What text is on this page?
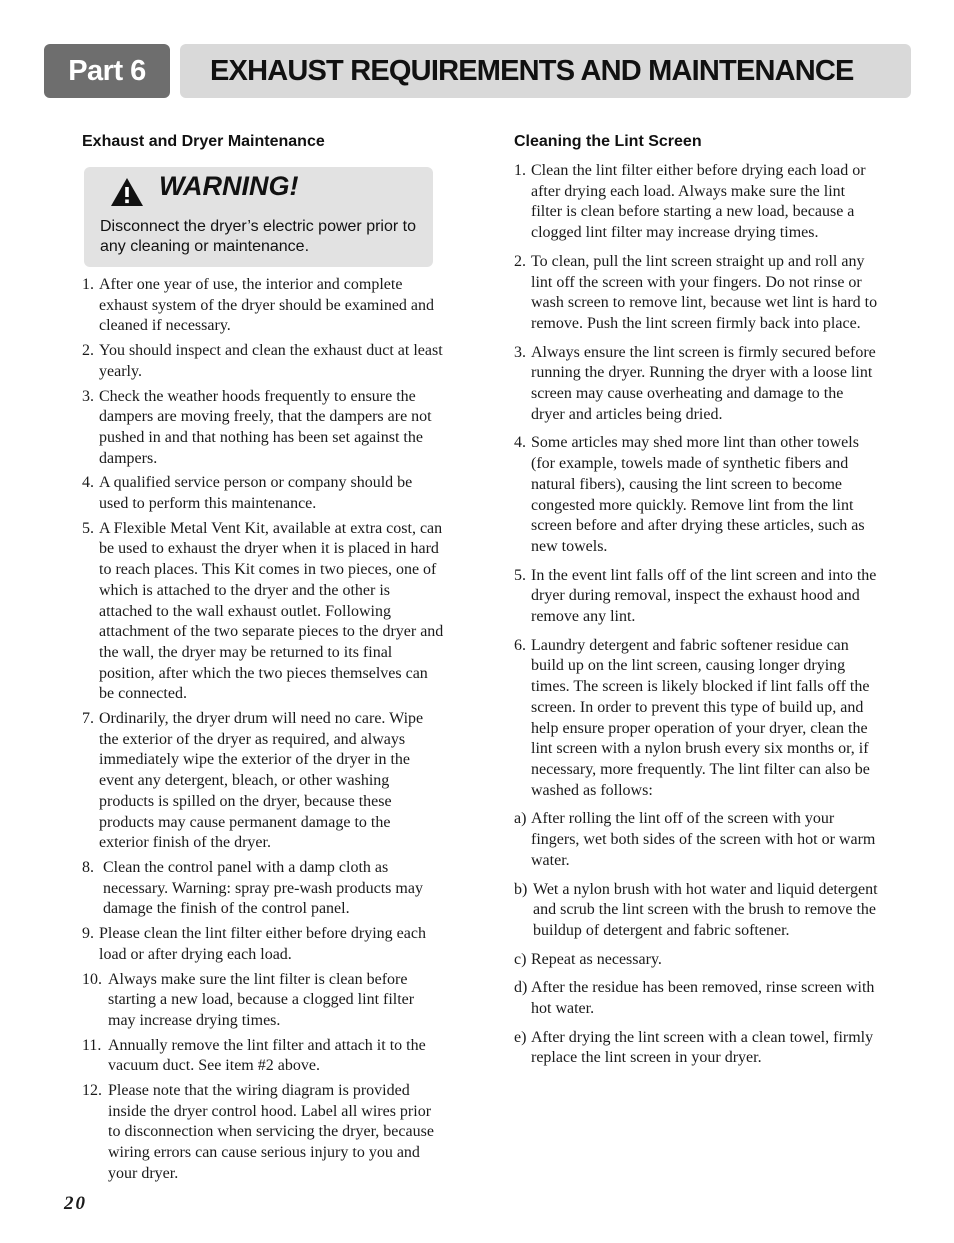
Part 6	EXHAUST REQUIREMENTS AND MAINTENANCE
Exhaust and Dryer Maintenance
WARNING!
Disconnect the dryer’s electric power prior to any cleaning or maintenance.
1. After one year of use, the interior and complete exhaust system of the dryer should be examined and cleaned if necessary.
2. You should inspect and clean the exhaust duct at least yearly.
3. Check the weather hoods frequently to ensure the dampers are moving freely, that the dampers are not pushed in and that nothing has been set against the dampers.
4. A qualified service person or company should be used to perform this maintenance.
5. A Flexible Metal Vent Kit, available at extra cost, can be used to exhaust the dryer when it is placed in hard to reach places. This Kit comes in two pieces, one of which is attached to the dryer and the other is attached to the wall exhaust outlet. Following attachment of the two separate pieces to the dryer and the wall, the dryer may be returned to its final position, after which the two pieces themselves can be connected.
7. Ordinarily, the dryer drum will need no care. Wipe the exterior of the dryer as required, and always immediately wipe the exterior of the dryer in the event any detergent, bleach, or other washing products is spilled on the dryer, because these products may cause permanent damage to the exterior finish of the dryer.
8. Clean the control panel with a damp cloth as necessary. Warning: spray pre-wash products may damage the finish of the control panel.
9. Please clean the lint filter either before drying each load or after drying each load.
10. Always make sure the lint filter is clean before starting a new load, because a clogged lint filter may increase drying times.
11. Annually remove the lint filter and attach it to the vacuum duct. See item #2 above.
12. Please note that the wiring diagram is provided inside the dryer control hood. Label all wires prior to disconnection when servicing the dryer, because wiring errors can cause serious injury to you and your dryer.
Cleaning the Lint Screen
1. Clean the lint filter either before drying each load or after drying each load. Always make sure the lint filter is clean before starting a new load, because a clogged lint filter may increase drying times.
2. To clean, pull the lint screen straight up and roll any lint off the screen with your fingers. Do not rinse or wash screen to remove lint, because wet lint is hard to remove. Push the lint screen firmly back into place.
3. Always ensure the lint screen is firmly secured before running the dryer. Running the dryer with a loose lint screen may cause overheating and damage to the dryer and articles being dried.
4. Some articles may shed more lint than other towels (for example, towels made of synthetic fibers and natural fibers), causing the lint screen to become congested more quickly. Remove lint from the lint screen before and after drying these articles, such as new towels.
5. In the event lint falls off of the lint screen and into the dryer during removal, inspect the exhaust hood and remove any lint.
6. Laundry detergent and fabric softener residue can build up on the lint screen, causing longer drying times. The screen is likely blocked if lint falls off the screen. In order to prevent this type of build up, and help ensure proper operation of your dryer, clean the lint screen with a nylon brush every six months or, if necessary, more frequently. The lint filter can also be washed as follows:
a) After rolling the lint off of the screen with your fingers, wet both sides of the screen with hot or warm water.
b) Wet a nylon brush with hot water and liquid detergent and scrub the lint screen with the brush to remove the buildup of detergent and fabric softener.
c) Repeat as necessary.
d) After the residue has been removed, rinse screen with hot water.
e) After drying the lint screen with a clean towel, firmly replace the lint screen in your dryer.
20
